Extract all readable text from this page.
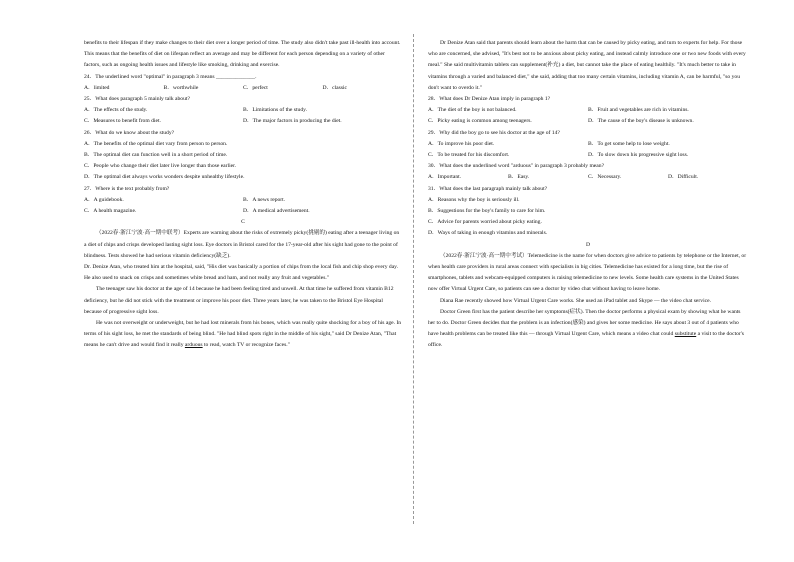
benefits to their lifespan if they make changes to their diet over a longer period of time. The study also didn't take past ill-health into account. This means that the benefits of diet on lifespan reflect an average and may be different for each person depending on a variety of other factors, such as ongoing health issues and lifestyle like smoking, drinking and exercise.

24．The underlined word "optimal" in paragraph 3 means ______________.

A．limited	B．worthwhile	C．perfect	D．classic

25．What does paragraph 5 mainly talk about?

A．The effects of the study.	B．Limitations of the study.
C．Measures to benefit from diet.	D．The major factors in producing the diet.

26．What do we know about the study?

A．The benefits of the optimal diet vary from person to person.

B．The optimal diet can function well in a short period of time.

C．People who change their diet later live longer than those earlier.

D．The optimal diet always works wonders despite unhealthy lifestyle.

27．Where is the text probably from?

A．A guidebook.	B．A news report.
C．A health magazine.	D．A medical advertisement.

C

（2022春·浙江宁波·高一期中联考）Experts are warning about the risks of extremely picky(挑剔的) eating after a teenager living on a diet of chips and crisps developed lasting sight loss. Eye doctors in Bristol cared for the 17-year-old after his sight had gone to the point of blindness. Tests showed he had serious vitamin deficiency(缺乏).

Dr. Denize Atan, who treated him at the hospital, said, "His diet was basically a portion of chips from the local fish and chip shop every day. He also used to snack on crisps and sometimes white bread and ham, and not really any fruit and vegetables."

The teenager saw his doctor at the age of 14 because he had been feeling tired and unwell. At that time he suffered from vitamin B12 deficiency, but he did not stick with the treatment or improve his poor diet. Three years later, he was taken to the Bristol Eye Hospital because of progressive sight loss.

He was not overweight or underweight, but he had lost minerals from his bones, which was really quite shocking for a boy of his age. In terms of his sight loss, he met the standards of being blind. "He had blind spots right in the middle of his sight," said Dr Denize Atan, "That means he can't drive and would find it really arduous to read, watch TV or recognize faces."

Dr Denize Atan said that parents should learn about the harm that can be caused by picky eating, and turn to experts for help. For those who are concerned, she advised, "It's best not to be anxious about picky eating, and instead calmly introduce one or two new foods with every meal." She said multivitamin tablets can supplement(补充) a diet, but cannot take the place of eating healthily. "It's much better to take in vitamins through a varied and balanced diet," she said, adding that too many certain vitamins, including vitamin A, can be harmful, "so you don't want to overdo it."

28．What does Dr Denize Atan imply in paragraph 1?

A．The diet of the boy is not balanced.	B．Fruit and vegetables are rich in vitamins.
C．Picky eating is common among teenagers.	D．The cause of the boy's disease is unknown.

29．Why did the boy go to see his doctor at the age of 14?

A．To improve his poor diet.	B．To get some help to lose weight.
C．To be treated for his discomfort.	D．To slow down his progressive sight loss.

30．What does the underlined word "arduous" in paragraph 3 probably mean?

A．Important.	B．Easy.	C．Necessary.	D．Difficult.

31．What does the last paragraph mainly talk about?

A．Reasons why the boy is seriously ill.

B．Suggestions for the boy's family to care for him.

C．Advice for parents worried about picky eating.

D．Ways of taking in enough vitamins and minerals.

D

（2022春·浙江宁波·高一期中考试）Telemedicine is the name for when doctors give advice to patients by telephone or the Internet, or when health care providers in rural areas connect with specialists in big cities. Telemedicine has existed for a long time, but the rise of smartphones, tablets and webcam-equipped computers is raising telemedicine to new levels. Some health care systems in the United States now offer Virtual Urgent Care, so patients can see a doctor by video chat without having to leave home.

Diana Rae recently showed how Virtual Urgent Care works. She used an iPad tablet and Skype — the video chat service.

Doctor Green first has the patient describe her symptoms(症状). Then the doctor performs a physical exam by showing what he wants her to do. Doctor Green decides that the problem is an infection(感染) and gives her some medicine. He says about 3 out of 4 patients who have health problems can be treated like this — through Virtual Urgent Care, which means a video chat could substitute a visit to the doctor's office.
